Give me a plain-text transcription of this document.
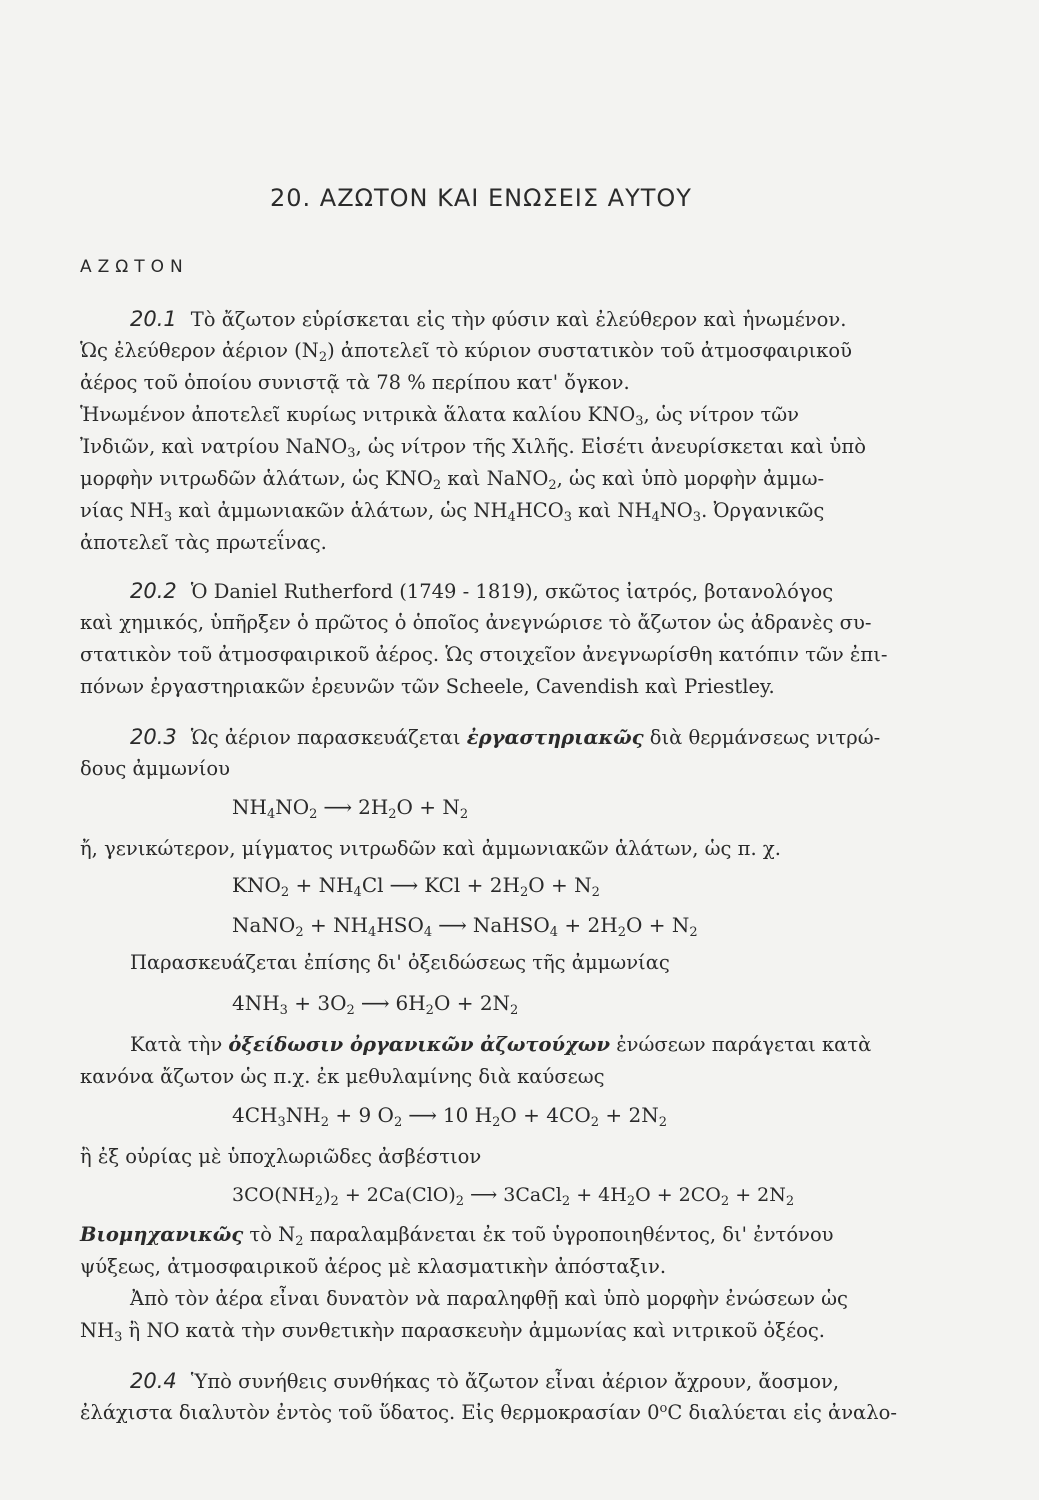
20. ΑΖΩΤΟΝ ΚΑΙ ΕΝΩΣΕΙΣ ΑΥΤΟΥ
ΑΖΩΤΟΝ
20.1 Τὸ ἄζωτον εὑρίσκεται εἰς τὴν φύσιν καὶ ἐλεύθερον καὶ ἡνωμένον.
Ὡς ἐλεύθερον ἀέριον $(N_2)$ ἀποτελεῖ τὸ κύριον συστατικὸν τοῦ ἀτμοσφαιρικοῦ
ἀέρος τοῦ ὁποίου συνιστᾷ τὰ 78 % περίπου κατ' ὄγκον.
Ἡνωμένον ἀποτελεῖ κυρίως νιτρικὰ ἅλατα καλίου $KNO_3$, ὡς νίτρον τῶν
Ἰνδιῶν, καὶ νατρίου NaNO$_3$, ὡς νίτρον τῆς Χιλῆς. Εἰσέτι ἀνευρίσκεται καὶ ὑπὸ
μορφὴν νιτρωδῶν ἁλάτων, ὡς $KNO_2$ καὶ NaNO$_2$, ὡς καὶ ὑπὸ μορφὴν ἀμμω-
νίας $NH_3$ καὶ ἀμμωνιακῶν ἁλάτων, ὡς $NH_4HCO_3$ καὶ $NH_4NO_3$. Ὀργανικῶς
ἀποτελεῖ τὰς πρωτεΐνας.
20.2 Ὁ Daniel Rutherford (1749 - 1819), σκῶτος ἰατρός, βοτανολόγος
καὶ χημικός, ὑπῆρξεν ὁ πρῶτος ὁ ὁποῖος ἀνεγνώρισε τὸ ἄζωτον ὡς ἀδρανὲς συ-
στατικὸν τοῦ ἀτμοσφαιρικοῦ ἀέρος. Ὡς στοιχεῖον ἀνεγνωρίσθη κατόπιν τῶν ἐπι-
πόνων ἐργαστηριακῶν ἐρευνῶν τῶν Scheele, Cavendish καὶ Priestley.
20.3 Ὡς ἀέριον παρασκευάζεται ἐργαστηριακῶς διὰ θερμάνσεως νιτρώ-
δους ἀμμωνίου
$NH_4NO_2$ ⟶ $2H_2O + N_2$
ἤ, γενικώτερον, μίγματος νιτρωδῶν καὶ ἀμμωνιακῶν ἁλάτων, ὡς π. χ.
$KNO_2 + NH_4Cl$ ⟶ KCl + $2H_2O + N_2$
NaNO$_2$ + $NH_4HSO_4$ ⟶ NaHSO$_4$ + $2H_2O + N_2$
Παρασκευάζεται ἐπίσης δι' ὀξειδώσεως τῆς ἀμμωνίας
$4NH_3 + 3O_2$ ⟶ $6H_2O + 2N_2$
Κατὰ τὴν ὀξείδωσιν ὀργανικῶν ἀζωτούχων ἐνώσεων παράγεται κατὰ
κανόνα ἄζωτον ὡς π.χ. ἐκ μεθυλαμίνης διὰ καύσεως
$4CH_3NH_2 + 9$ $O_2$ ⟶ 10 $H_2O + 4CO_2 + 2N_2$
ἢ ἐξ οὐρίας μὲ ὑποχλωριῶδες ἀσβέστιον
$3CO(NH_2)_2 + 2Ca(ClO)_2$ ⟶ 3CaCl$_2$ + $4H_2O + 2CO_2 + 2N_2$
Βιομηχανικῶς τὸ $N_2$ παραλαμβάνεται ἐκ τοῦ ὑγροποιηθέντος, δι' ἐντόνου
ψύξεως, ἀτμοσφαιρικοῦ ἀέρος μὲ κλασματικὴν ἀπόσταξιν.
Ἀπὸ τὸν ἀέρα εἶναι δυνατὸν νὰ παραληφθῇ καὶ ὑπὸ μορφὴν ἐνώσεων ὡς
$NH_3$ ἢ NO κατὰ τὴν συνθετικὴν παρασκευὴν ἀμμωνίας καὶ νιτρικοῦ ὀξέος.
20.4 Ὑπὸ συνήθεις συνθήκας τὸ ἄζωτον εἶναι ἀέριον ἄχρουν, ἄοσμον,
ἐλάχιστα διαλυτὸν ἐντὸς τοῦ ὕδατος. Εἰς θερμοκρασίαν 0$^o$C διαλύεται εἰς ἀναλο-
